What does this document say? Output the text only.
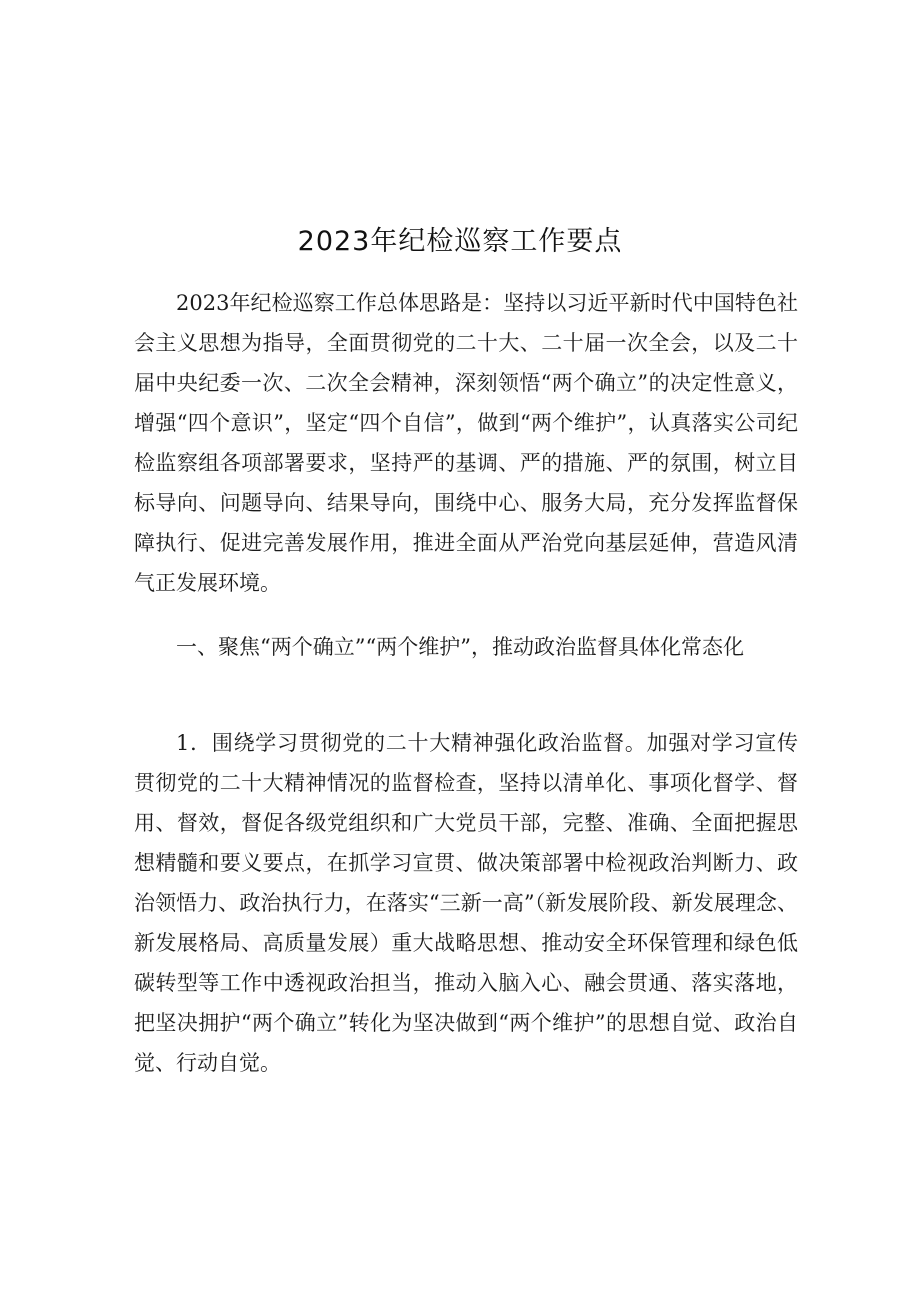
2023年纪检巡察工作要点

2023年纪检巡察工作总体思路是：坚持以习近平新时代中国特色社会主义思想为指导，全面贯彻党的二十大、二十届一次全会，以及二十届中央纪委一次、二次全会精神，深刻领悟“两个确立”的决定性意义，增强“四个意识”，坚定“四个自信”，做到“两个维护”，认真落实公司纪检监察组各项部署要求，坚持严的基调、严的措施、严的氛围，树立目标导向、问题导向、结果导向，围绕中心、服务大局，充分发挥监督保障执行、促进完善发展作用，推进全面从严治党向基层延伸，营造风清气正发展环境。

一、聚焦“两个确立”“两个维护”，推动政治监督具体化常态化

1．围绕学习贯彻党的二十大精神强化政治监督。加强对学习宣传贯彻党的二十大精神情况的监督检查，坚持以清单化、事项化督学、督用、督效，督促各级党组织和广大党员干部，完整、准确、全面把握思想精髓和要义要点，在抓学习宣贯、做决策部署中检视政治判断力、政治领悟力、政治执行力，在落实“三新一高”（新发展阶段、新发展理念、新发展格局、高质量发展）重大战略思想、推动安全环保管理和绿色低碳转型等工作中透视政治担当，推动入脑入心、融会贯通、落实落地，把坚决拥护“两个确立”转化为坚决做到“两个维护”的思想自觉、政治自觉、行动自觉。
